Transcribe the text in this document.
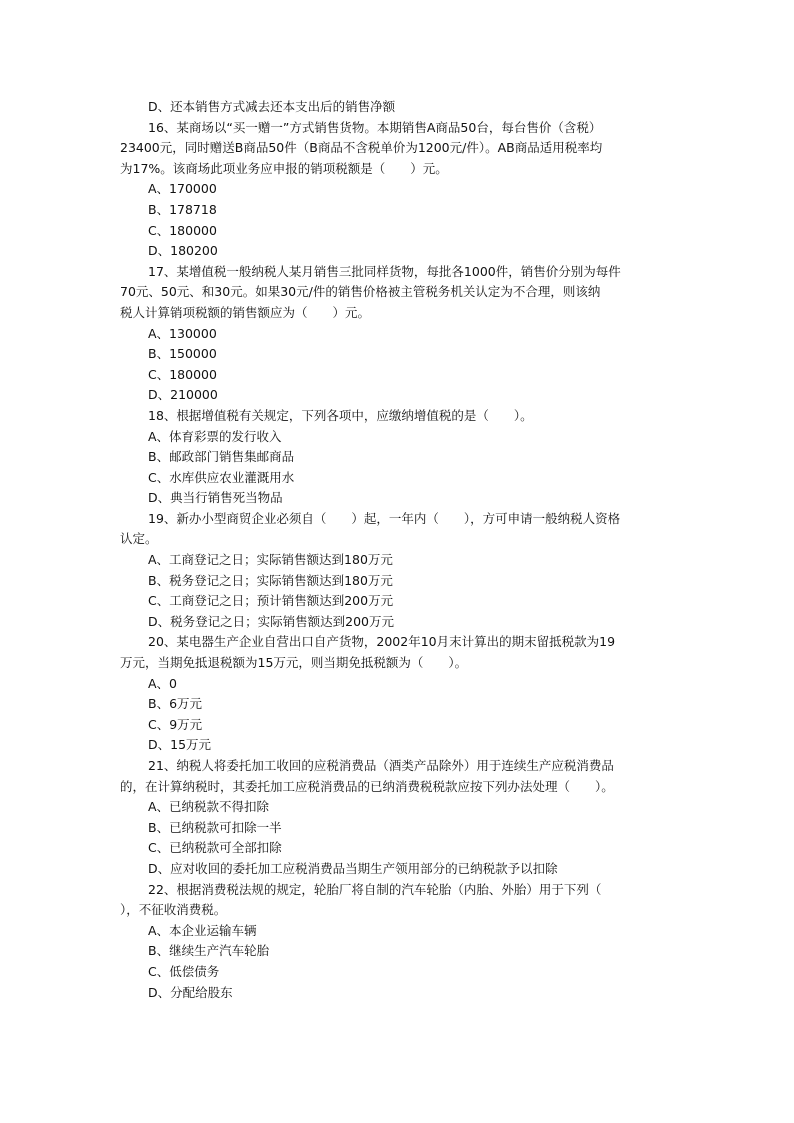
D、还本销售方式减去还本支出后的销售净额
16、某商场以“买一赠一”方式销售货物。本期销售A商品50台，每台售价（含税）
23400元，同时赠送B商品50件（B商品不含税单价为1200元/件）。AB商品适用税率均
为17%。该商场此项业务应申报的销项税额是（　　）元。
A、170000
B、178718
C、180000
D、180200
17、某增值税一般纳税人某月销售三批同样货物，每批各1000件，销售价分别为每件
70元、50元、和30元。如果30元/件的销售价格被主管税务机关认定为不合理，则该纳
税人计算销项税额的销售额应为（　　）元。
A、130000
B、150000
C、180000
D、210000
18、根据增值税有关规定，下列各项中，应缴纳增值税的是（　　）。
A、体育彩票的发行收入
B、邮政部门销售集邮商品
C、水库供应农业灌溉用水
D、典当行销售死当物品
19、新办小型商贸企业必须自（　　）起，一年内（　　），方可申请一般纳税人资格
认定。
A、工商登记之日；实际销售额达到180万元
B、税务登记之日；实际销售额达到180万元
C、工商登记之日；预计销售额达到200万元
D、税务登记之日；实际销售额达到200万元
20、某电器生产企业自营出口自产货物，2002年10月末计算出的期末留抵税款为19
万元，当期免抵退税额为15万元，则当期免抵税额为（　　）。
A、0
B、6万元
C、9万元
D、15万元
21、纳税人将委托加工收回的应税消费品（酒类产品除外）用于连续生产应税消费品
的，在计算纳税时，其委托加工应税消费品的已纳消费税税款应按下列办法处理（　　）。
A、已纳税款不得扣除
B、已纳税款可扣除一半
C、已纳税款可全部扣除
D、应对收回的委托加工应税消费品当期生产领用部分的已纳税款予以扣除
22、根据消费税法规的规定，轮胎厂将自制的汽车轮胎（内胎、外胎）用于下列（
），不征收消费税。
A、本企业运输车辆
B、继续生产汽车轮胎
C、低偿债务
D、分配给股东
